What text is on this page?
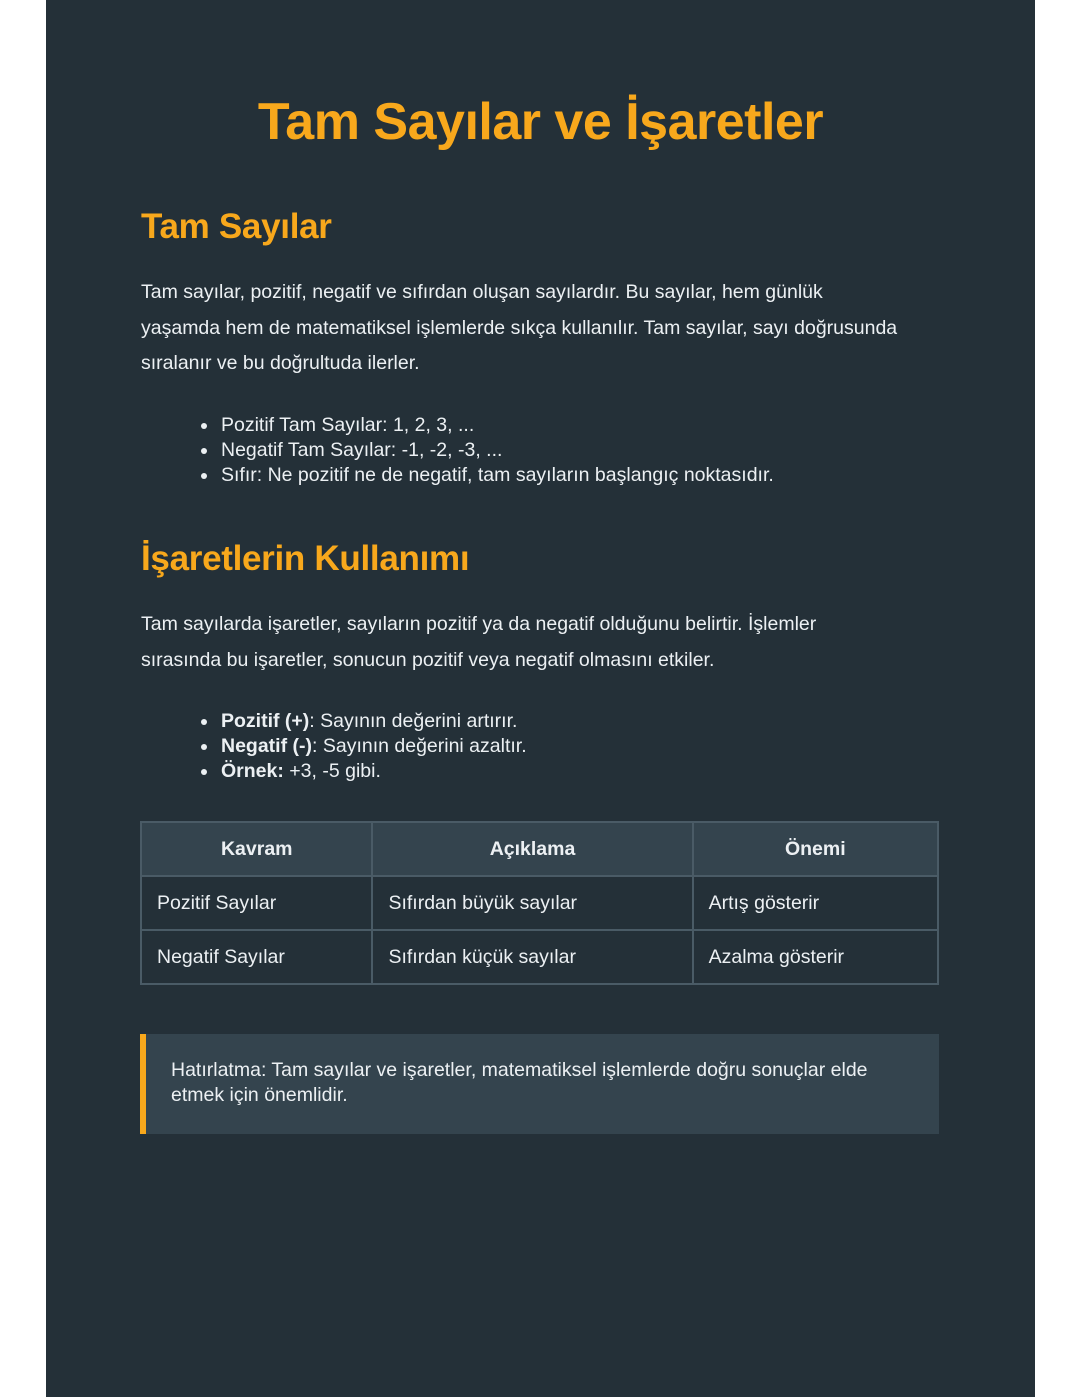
Tam Sayılar ve İşaretler
Tam Sayılar

Tam sayılar, pozitif, negatif ve sıfırdan oluşan sayılardır. Bu sayılar, hem günlük yaşamda hem de matematiksel işlemlerde sıkça kullanılır. Tam sayılar, sayı doğrusunda sıralanır ve bu doğrultuda ilerler.

Pozitif Tam Sayılar: 1, 2, 3, ...
Negatif Tam Sayılar: -1, -2, -3, ...
Sıfır: Ne pozitif ne de negatif, tam sayıların başlangıç noktasıdır.
İşaretlerin Kullanımı

Tam sayılarda işaretler, sayıların pozitif ya da negatif olduğunu belirtir. İşlemler sırasında bu işaretler, sonucun pozitif veya negatif olmasını etkiler.

Pozitif (+): Sayının değerini artırır.
Negatif (-): Sayının değerini azaltır.
Örnek: +3, -5 gibi.
Kavram	Açıklama	Önemi
Pozitif Sayılar	Sıfırdan büyük sayılar	Artış gösterir
Negatif Sayılar	Sıfırdan küçük sayılar	Azalma gösterir
Hatırlatma: Tam sayılar ve işaretler, matematiksel işlemlerde doğru sonuçlar elde etmek için önemlidir.
